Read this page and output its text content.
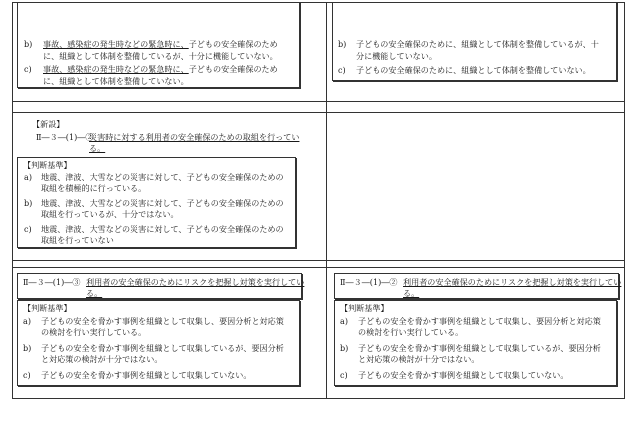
b) 事故、感染症の発生時などの緊急時に、子どもの安全確保のため
に、組織として体制を整備しているが、十分に機能していない。
c) 事故、感染症の発生時などの緊急時に、子どもの安全確保のため
に、組織として体制を整備していない。
b) 子どもの安全確保のために、組織として体制を整備しているが、十
分に機能していない。
c) 子どもの安全確保のために、組織として体制を整備していない。
【新設】
Ⅱ―３―(1)―②
災害時に対する利用者の安全確保のための取組を行ってい
る。
【判断基準】
a) 地震、津波、大雪などの災害に対して、子どもの安全確保のための
取組を積極的に行っている。
b) 地震、津波、大雪などの災害に対して、子どもの安全確保のための
取組を行っているが、十分ではない。
c) 地震、津波、大雪などの災害に対して、子どもの安全確保のための
取組を行っていない
Ⅱ―３―(1)―③ 利用者の安全確保のためにリスクを把握し対策を実行してい
る。
【判断基準】
a) 子どもの安全を脅かす事例を組織として収集し、要因分析と対応策
の検討を行い実行している。
b) 子どもの安全を脅かす事例を組織として収集しているが、要因分析
と対応策の検討が十分ではない。
c) 子どもの安全を脅かす事例を組織として収集していない。
Ⅱ―３―(1)―② 利用者の安全確保のためにリスクを把握し対策を実行してい
る。
【判断基準】
a) 子どもの安全を脅かす事例を組織として収集し、要因分析と対応策
の検討を行い実行している。
b) 子どもの安全を脅かす事例を組織として収集しているが、要因分析
と対応策の検討が十分ではない。
c) 子どもの安全を脅かす事例を組織として収集していない。
